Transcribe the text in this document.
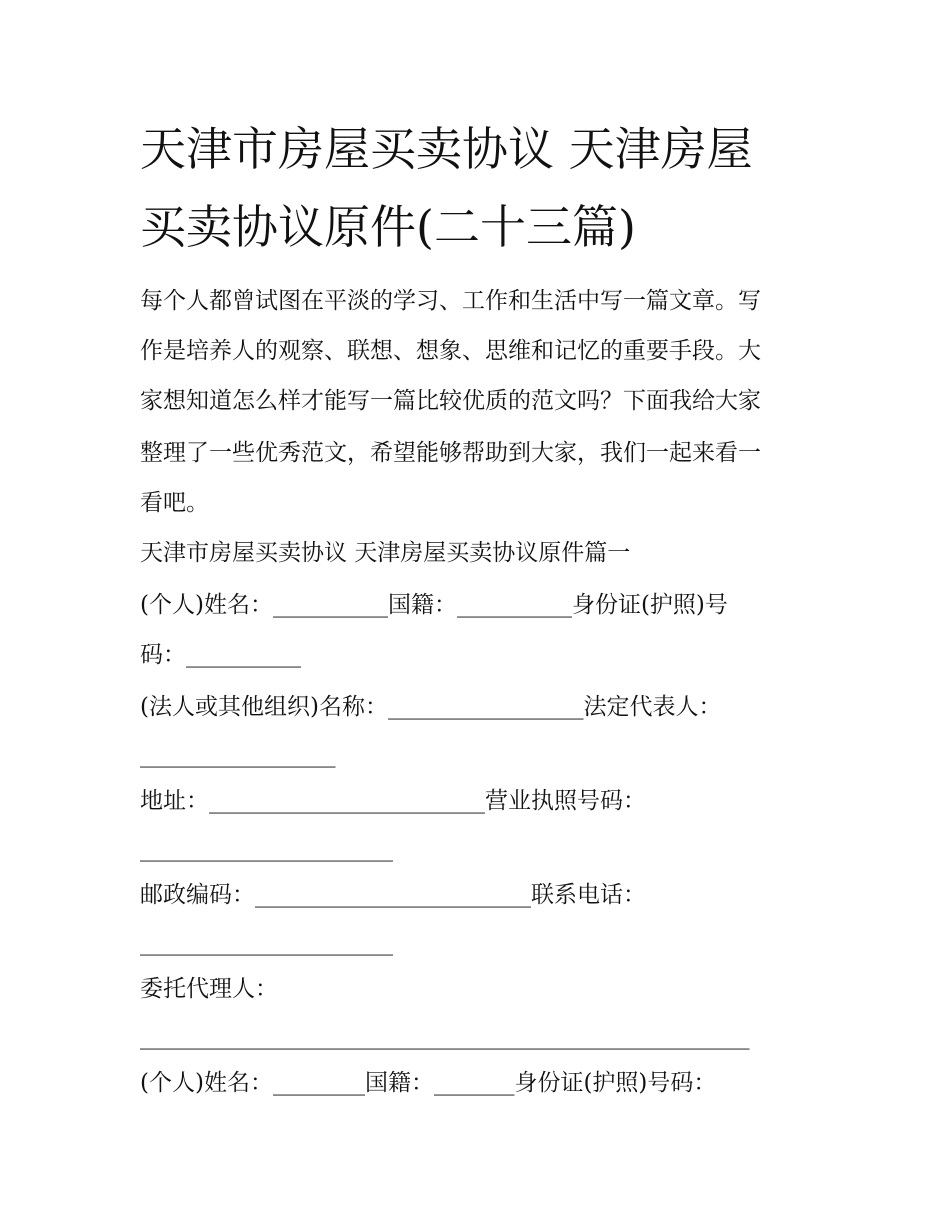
天津市房屋买卖协议 天津房屋
买卖协议原件(二十三篇)
每个人都曾试图在平淡的学习、工作和生活中写一篇文章。写
作是培养人的观察、联想、想象、思维和记忆的重要手段。大
家想知道怎么样才能写一篇比较优质的范文吗？下面我给大家
整理了一些优秀范文，希望能够帮助到大家，我们一起来看一
看吧。
天津市房屋买卖协议 天津房屋买卖协议原件篇一
(个人)姓名：__________国籍：__________身份证(护照)号
码：__________
(法人或其他组织)名称：_________________法定代表人：
_________________
地址：________________________营业执照号码：
______________________
邮政编码：________________________联系电话：
______________________
委托代理人：
_____________________________________________________
(个人)姓名：________国籍：_______身份证(护照)号码：
